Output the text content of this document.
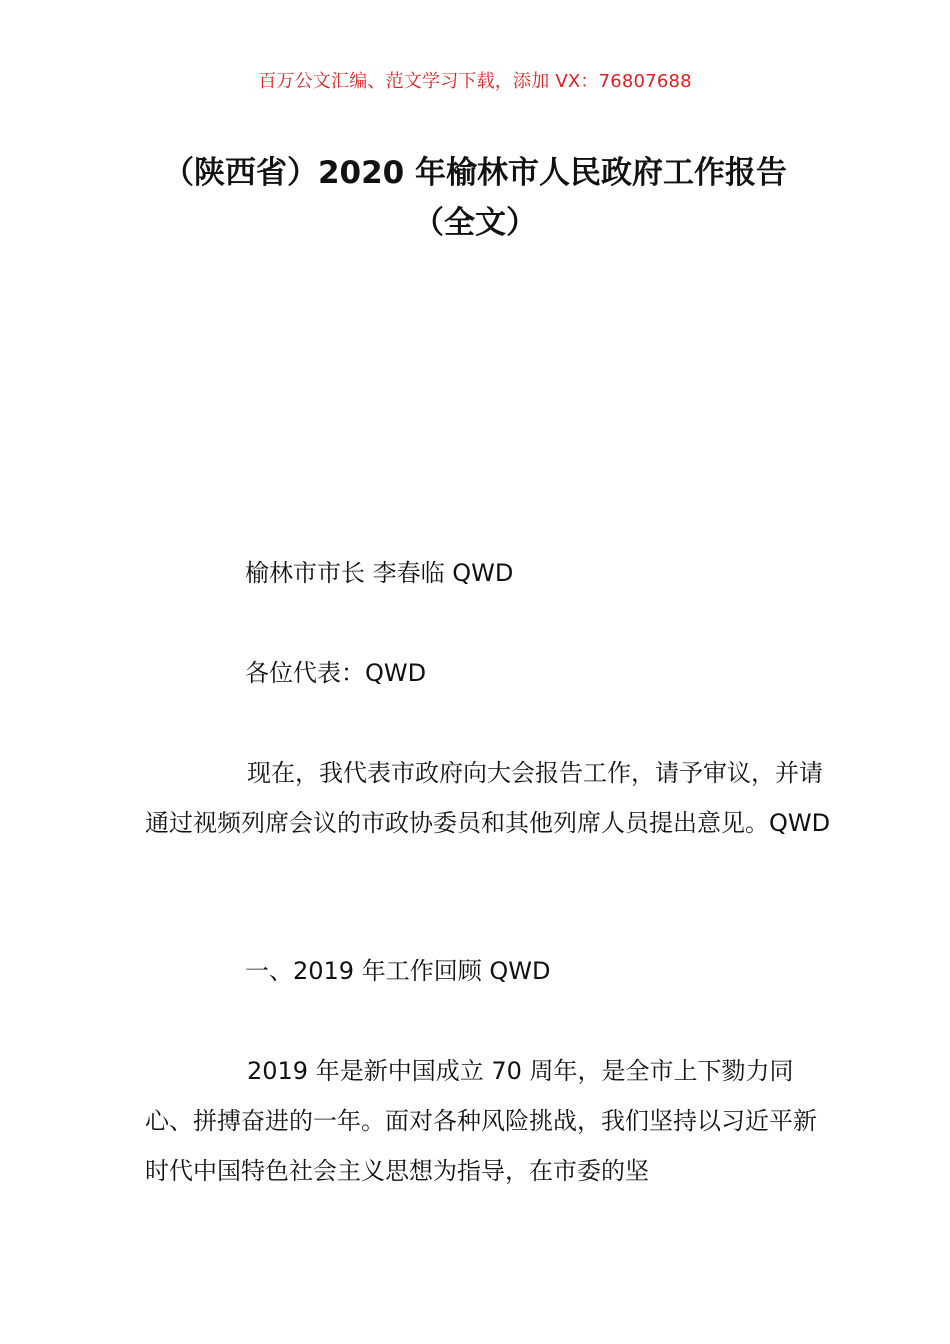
百万公文汇编、范文学习下载，添加 VX：76807688
（陕西省）2020 年榆林市人民政府工作报告（全文）
榆林市市长 李春临 QWD
各位代表：QWD

现在，我代表市政府向大会报告工作，请予审议，并请通过视频列席会议的市政协委员和其他列席人员提出意见。QWD

一、2019 年工作回顾 QWD

2019 年是新中国成立 70 周年，是全市上下勠力同心、拼搏奋进的一年。面对各种风险挑战，我们坚持以习近平新时代中国特色社会主义思想为指导，在市委的坚
